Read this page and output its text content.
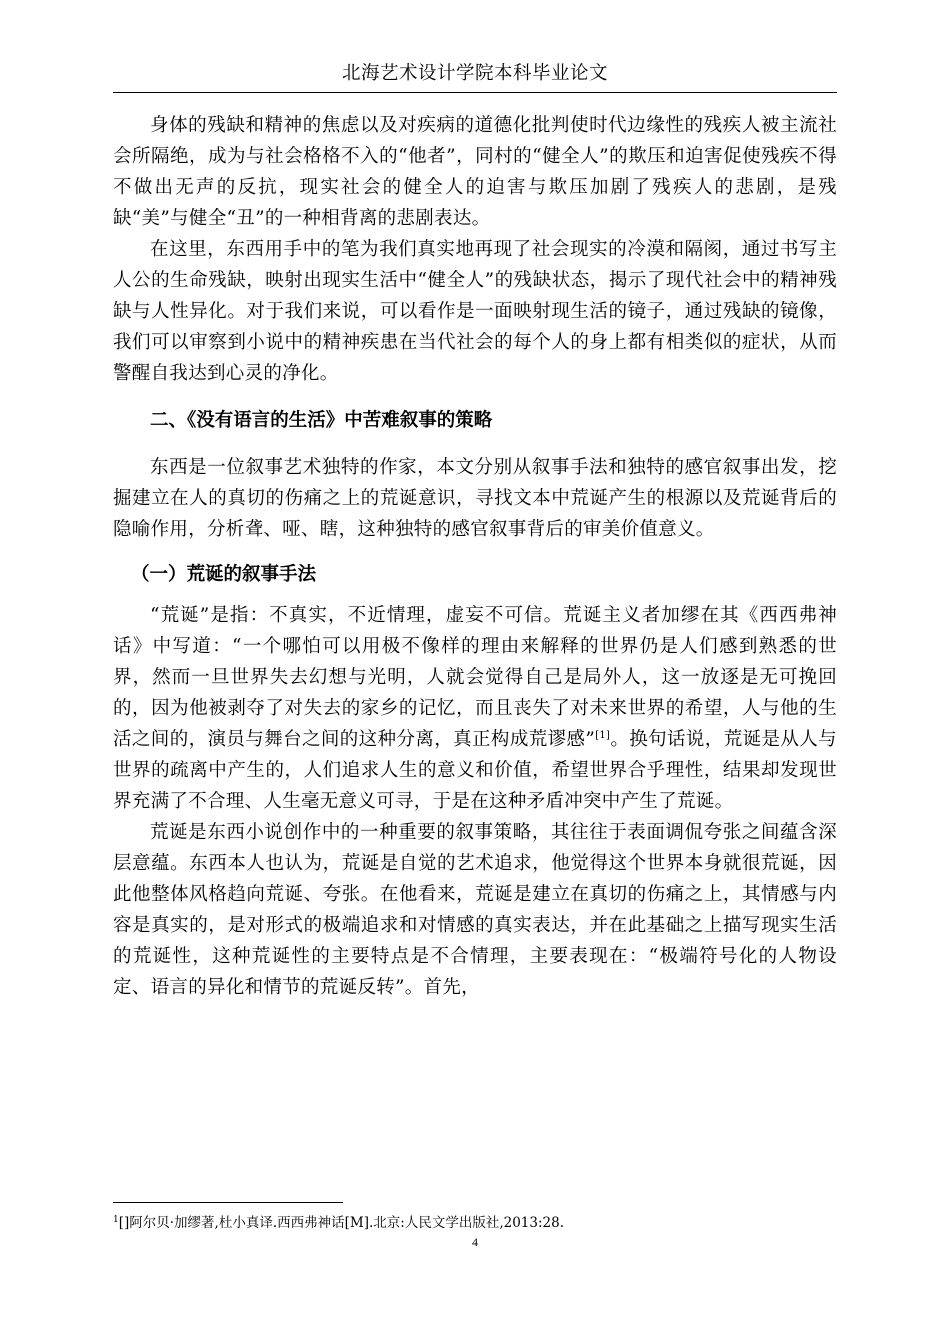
北海艺术设计学院本科毕业论文

身体的残缺和精神的焦虑以及对疾病的道德化批判使时代边缘性的残疾人被主流社会所隔绝，成为与社会格格不入的“他者”，同村的“健全人”的欺压和迫害促使残疾不得不做出无声的反抗，现实社会的健全人的迫害与欺压加剧了残疾人的悲剧，是残缺“美”与健全“丑”的一种相背离的悲剧表达。

在这里，东西用手中的笔为我们真实地再现了社会现实的冷漠和隔阂，通过书写主人公的生命残缺，映射出现实生活中“健全人”的残缺状态，揭示了现代社会中的精神残缺与人性异化。对于我们来说，可以看作是一面映射现生活的镜子，通过残缺的镜像，我们可以审察到小说中的精神疾患在当代社会的每个人的身上都有相类似的症状，从而警醒自我达到心灵的净化。

二、《没有语言的生活》中苦难叙事的策略

东西是一位叙事艺术独特的作家，本文分别从叙事手法和独特的感官叙事出发，挖掘建立在人的真切的伤痛之上的荒诞意识，寻找文本中荒诞产生的根源以及荒诞背后的隐喻作用，分析聋、哑、瞎，这种独特的感官叙事背后的审美价值意义。

（一）荒诞的叙事手法

“荒诞”是指：不真实，不近情理，虚妄不可信。荒诞主义者加缪在其《西西弗神话》中写道：“一个哪怕可以用极不像样的理由来解释的世界仍是人们感到熟悉的世界，然而一旦世界失去幻想与光明，人就会觉得自己是局外人，这一放逐是无可挽回的，因为他被剥夺了对失去的家乡的记忆，而且丧失了对未来世界的希望，人与他的生活之间的，演员与舞台之间的这种分离，真正构成荒谬感”[1]。换句话说，荒诞是从人与世界的疏离中产生的，人们追求人生的意义和价值，希望世界合乎理性，结果却发现世界充满了不合理、人生毫无意义可寻，于是在这种矛盾冲突中产生了荒诞。

荒诞是东西小说创作中的一种重要的叙事策略，其往往于表面调侃夸张之间蕴含深层意蕴。东西本人也认为，荒诞是自觉的艺术追求，他觉得这个世界本身就很荒诞，因此他整体风格趋向荒诞、夸张。在他看来，荒诞是建立在真切的伤痛之上，其情感与内容是真实的，是对形式的极端追求和对情感的真实表达，并在此基础之上描写现实生活的荒诞性，这种荒诞性的主要特点是不合情理，主要表现在：“极端符号化的人物设定、语言的异化和情节的荒诞反转”。首先，

$^1$[]阿尔贝·加缪著,杜小真译.西西弗神话[M].北京:人民文学出版社,2013:28.
4
